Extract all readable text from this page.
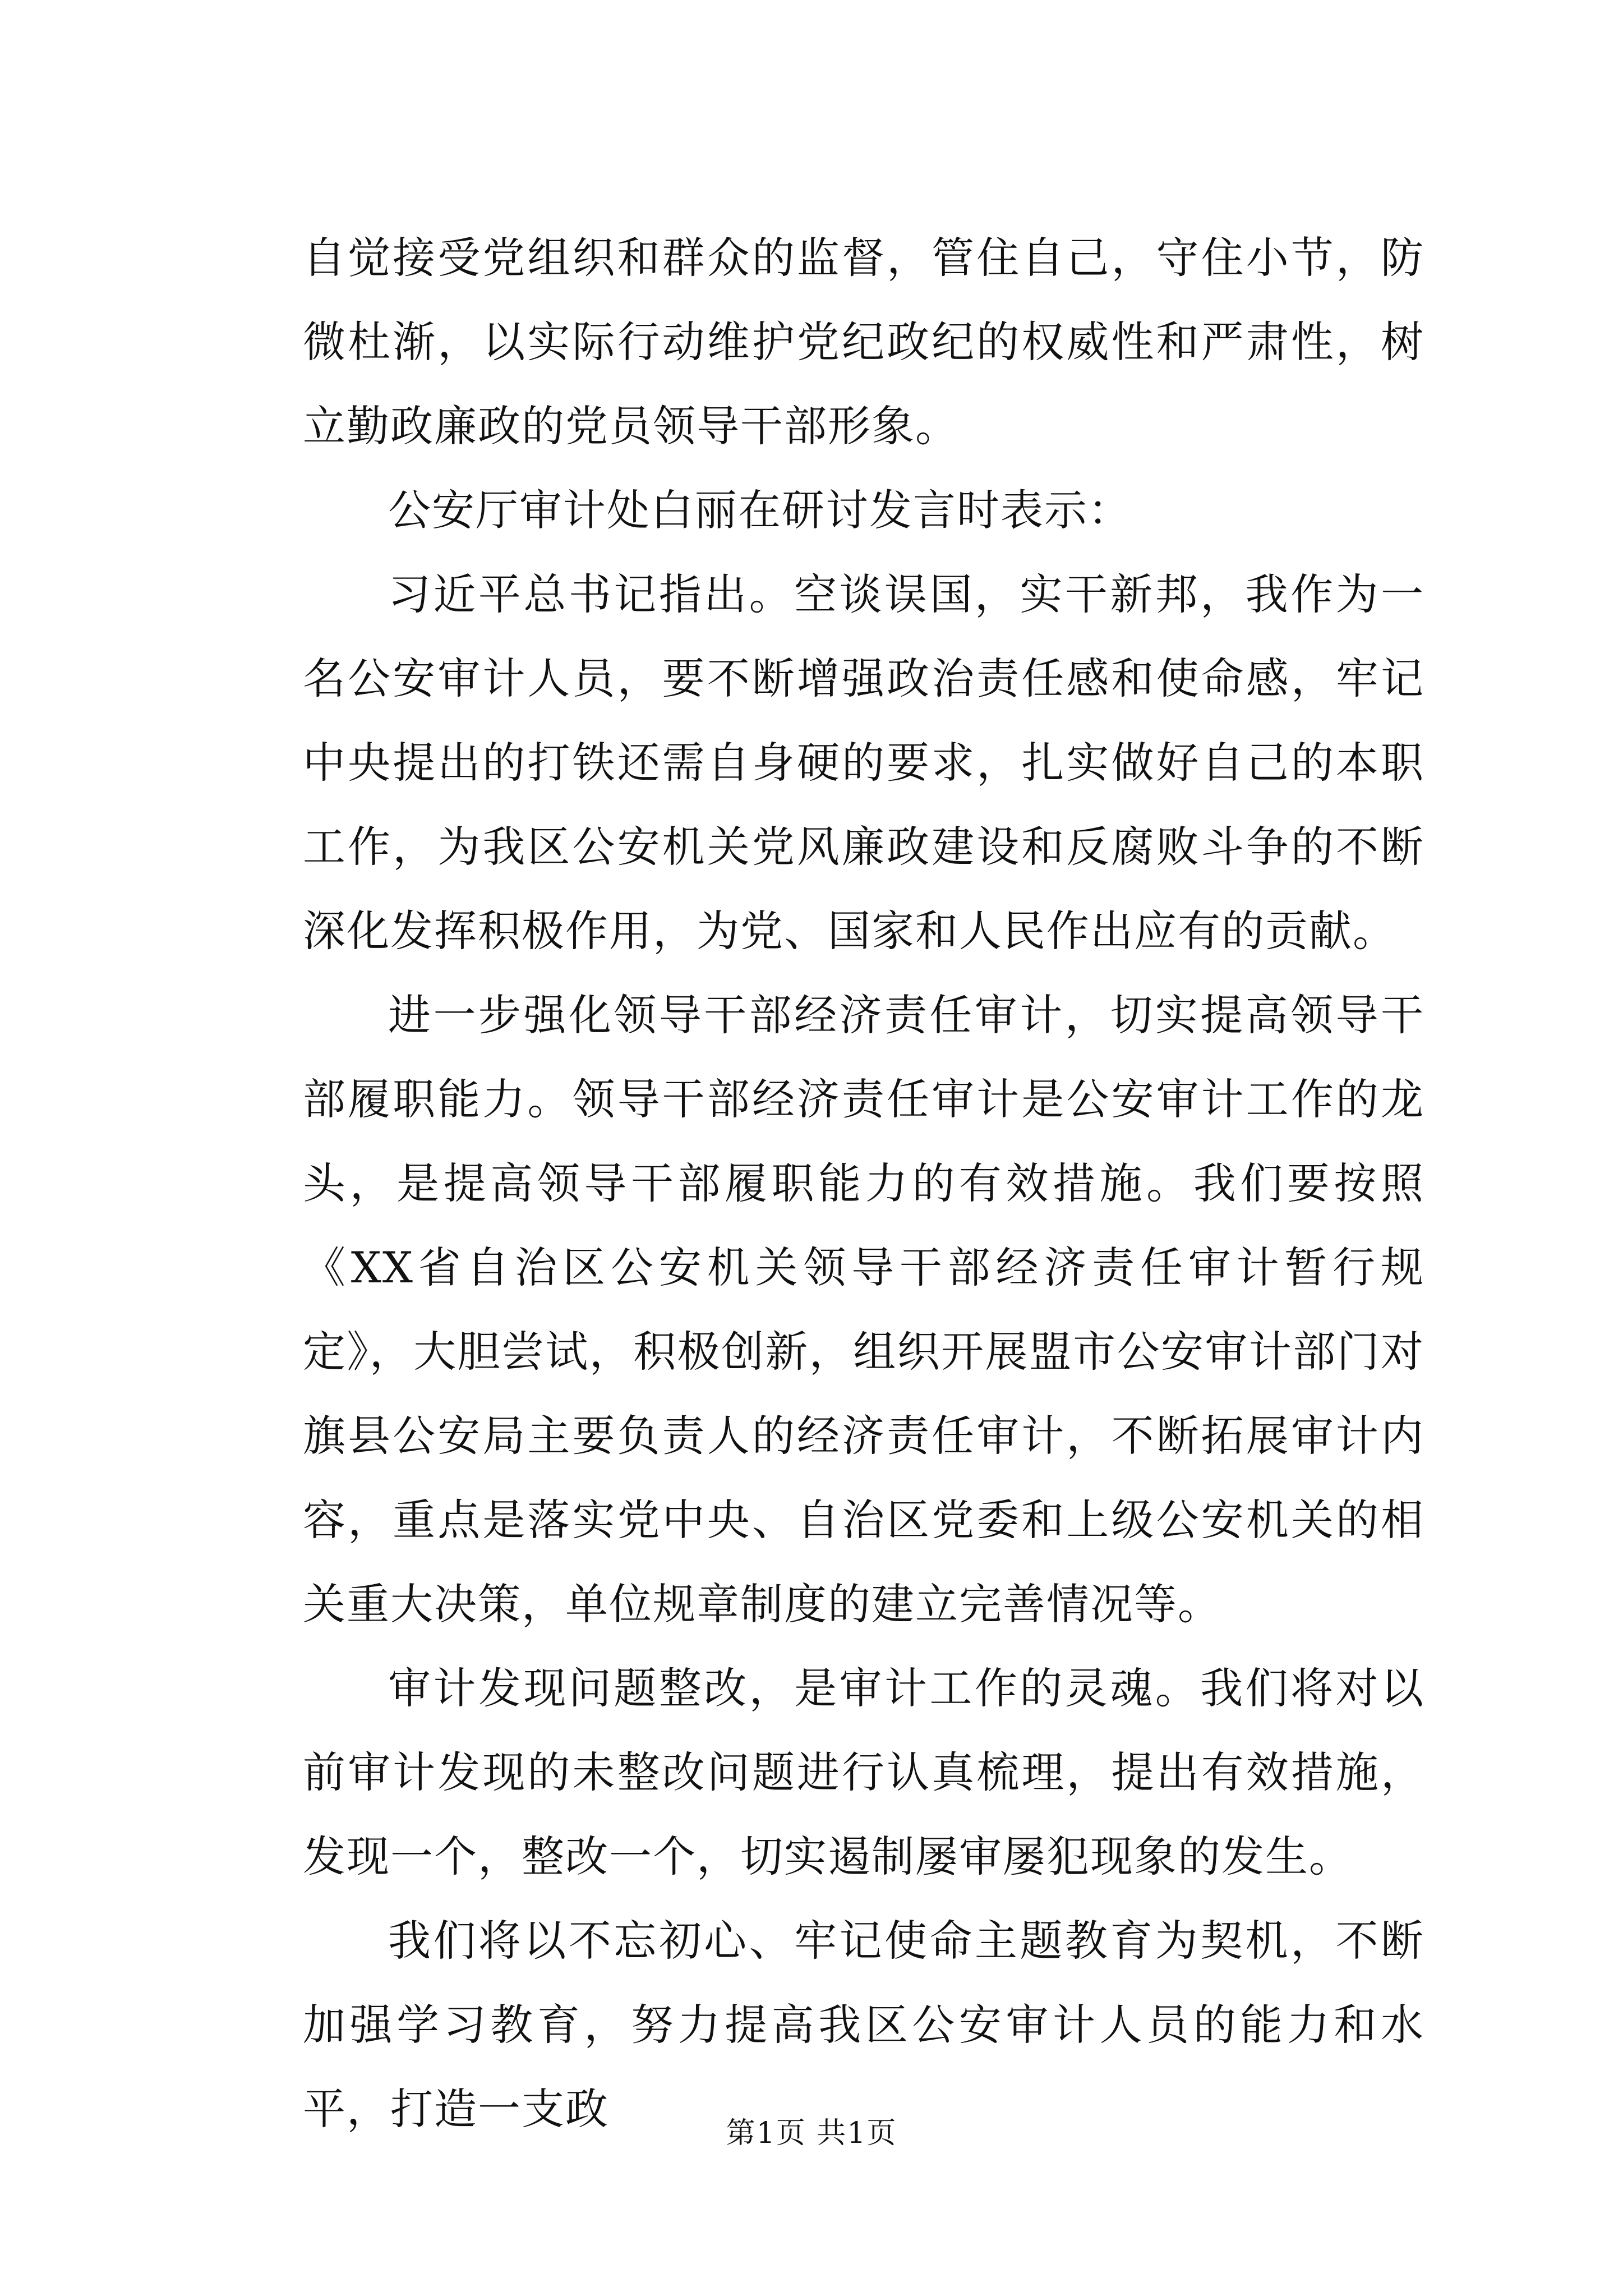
自觉接受党组织和群众的监督，管住自己，守住小节，防微杜渐，以实际行动维护党纪政纪的权威性和严肃性，树立勤政廉政的党员领导干部形象。

公安厅审计处白丽在研讨发言时表示：

习近平总书记指出。空谈误国，实干新邦，我作为一名公安审计人员，要不断增强政治责任感和使命感，牢记中央提出的打铁还需自身硬的要求，扎实做好自己的本职工作，为我区公安机关党风廉政建设和反腐败斗争的不断深化发挥积极作用，为党、国家和人民作出应有的贡献。

进一步强化领导干部经济责任审计，切实提高领导干部履职能力。领导干部经济责任审计是公安审计工作的龙头，是提高领导干部履职能力的有效措施。我们要按照《XX省自治区公安机关领导干部经济责任审计暂行规定》，大胆尝试，积极创新，组织开展盟市公安审计部门对旗县公安局主要负责人的经济责任审计，不断拓展审计内容，重点是落实党中央、自治区党委和上级公安机关的相关重大决策，单位规章制度的建立完善情况等。

审计发现问题整改，是审计工作的灵魂。我们将对以前审计发现的未整改问题进行认真梳理，提出有效措施，发现一个，整改一个，切实遏制屡审屡犯现象的发生。

我们将以不忘初心、牢记使命主题教育为契机，不断加强学习教育，努力提高我区公安审计人员的能力和水平，打造一支政	第1页 共1页
